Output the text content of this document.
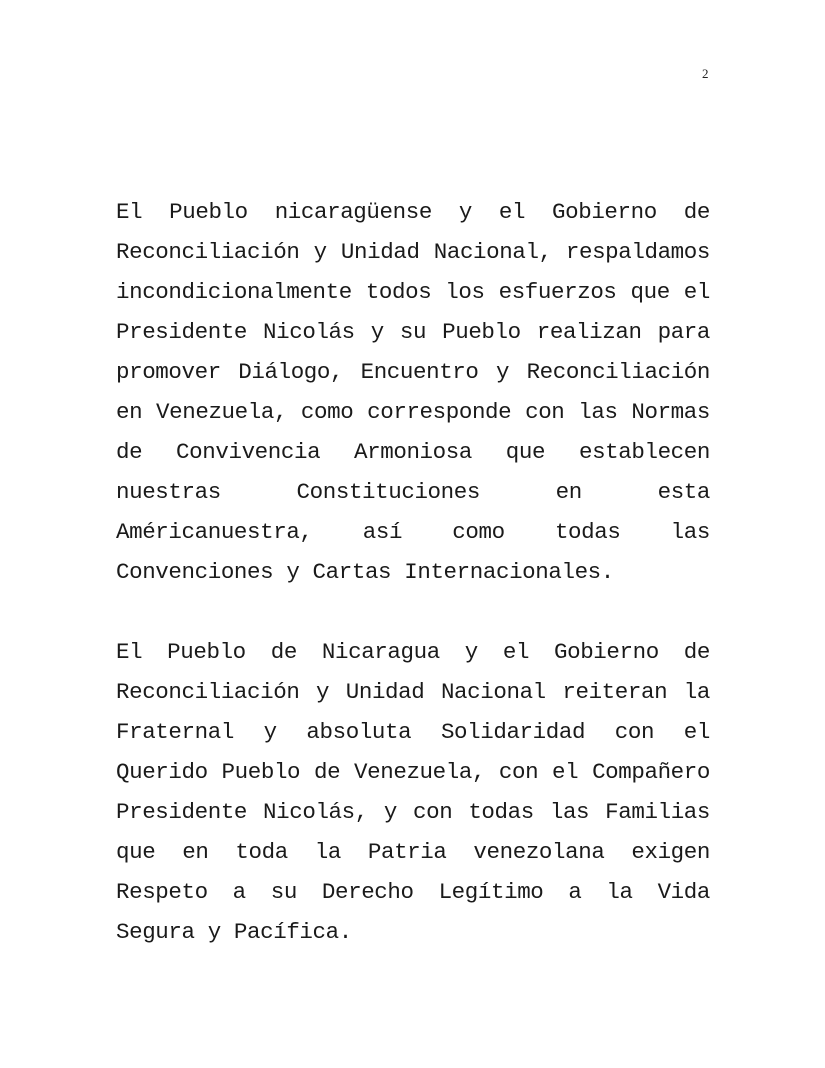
2

El Pueblo nicaragüense y el Gobierno de Reconciliación y Unidad Nacional, respaldamos incondicionalmente todos los esfuerzos que el Presidente Nicolás y su Pueblo realizan para promover Diálogo, Encuentro y Reconciliación en Venezuela, como corresponde con las Normas de Convivencia Armoniosa que establecen nuestras Constituciones en esta Américanuestra, así como todas las Convenciones y Cartas Internacionales.

El Pueblo de Nicaragua y el Gobierno de Reconciliación y Unidad Nacional reiteran la Fraternal y absoluta Solidaridad con el Querido Pueblo de Venezuela, con el Compañero Presidente Nicolás, y con todas las Familias que en toda la Patria venezolana exigen Respeto a su Derecho Legítimo a la Vida Segura y Pacífica.
